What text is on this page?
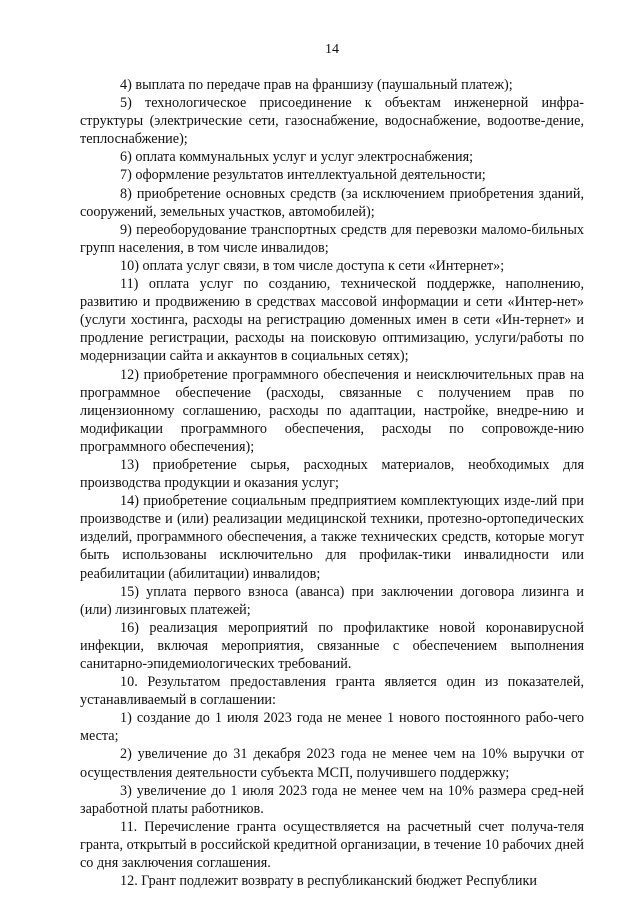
14

4) выплата по передаче прав на франшизу (паушальный платеж);

5) технологическое присоединение к объектам инженерной инфра-структуры (электрические сети, газоснабжение, водоснабжение, водоотве-дение, теплоснабжение);

6) оплата коммунальных услуг и услуг электроснабжения;

7) оформление результатов интеллектуальной деятельности;

8) приобретение основных средств (за исключением приобретения зданий, сооружений, земельных участков, автомобилей);

9) переоборудование транспортных средств для перевозки маломо-бильных групп населения, в том числе инвалидов;

10) оплата услуг связи, в том числе доступа к сети «Интернет»;

11) оплата услуг по созданию, технической поддержке, наполнению, развитию и продвижению в средствах массовой информации и сети «Интер-нет» (услуги хостинга, расходы на регистрацию доменных имен в сети «Ин-тернет» и продление регистрации, расходы на поисковую оптимизацию, услуги/работы по модернизации сайта и аккаунтов в социальных сетях);

12) приобретение программного обеспечения и неисключительных прав на программное обеспечение (расходы, связанные с получением прав по лицензионному соглашению, расходы по адаптации, настройке, внедре-нию и модификации программного обеспечения, расходы по сопровожде-нию программного обеспечения);

13) приобретение сырья, расходных материалов, необходимых для производства продукции и оказания услуг;

14) приобретение социальным предприятием комплектующих изде-лий при производстве и (или) реализации медицинской техники, протезно-ортопедических изделий, программного обеспечения, а также технических средств, которые могут быть использованы исключительно для профилак-тики инвалидности или реабилитации (абилитации) инвалидов;

15) уплата первого взноса (аванса) при заключении договора лизинга и (или) лизинговых платежей;

16) реализация мероприятий по профилактике новой коронавирусной инфекции, включая мероприятия, связанные с обеспечением выполнения санитарно-эпидемиологических требований.

10. Результатом предоставления гранта является один из показателей, устанавливаемый в соглашении:

1) создание до 1 июля 2023 года не менее 1 нового постоянного рабо-чего места;

2) увеличение до 31 декабря 2023 года не менее чем на 10% выручки от осуществления деятельности субъекта МСП, получившего поддержку;

3) увеличение до 1 июля 2023 года не менее чем на 10% размера сред-ней заработной платы работников.

11. Перечисление гранта осуществляется на расчетный счет получа-теля гранта, открытый в российской кредитной организации, в течение 10 рабочих дней со дня заключения соглашения.

12. Грант подлежит возврату в республиканский бюджет Республики
